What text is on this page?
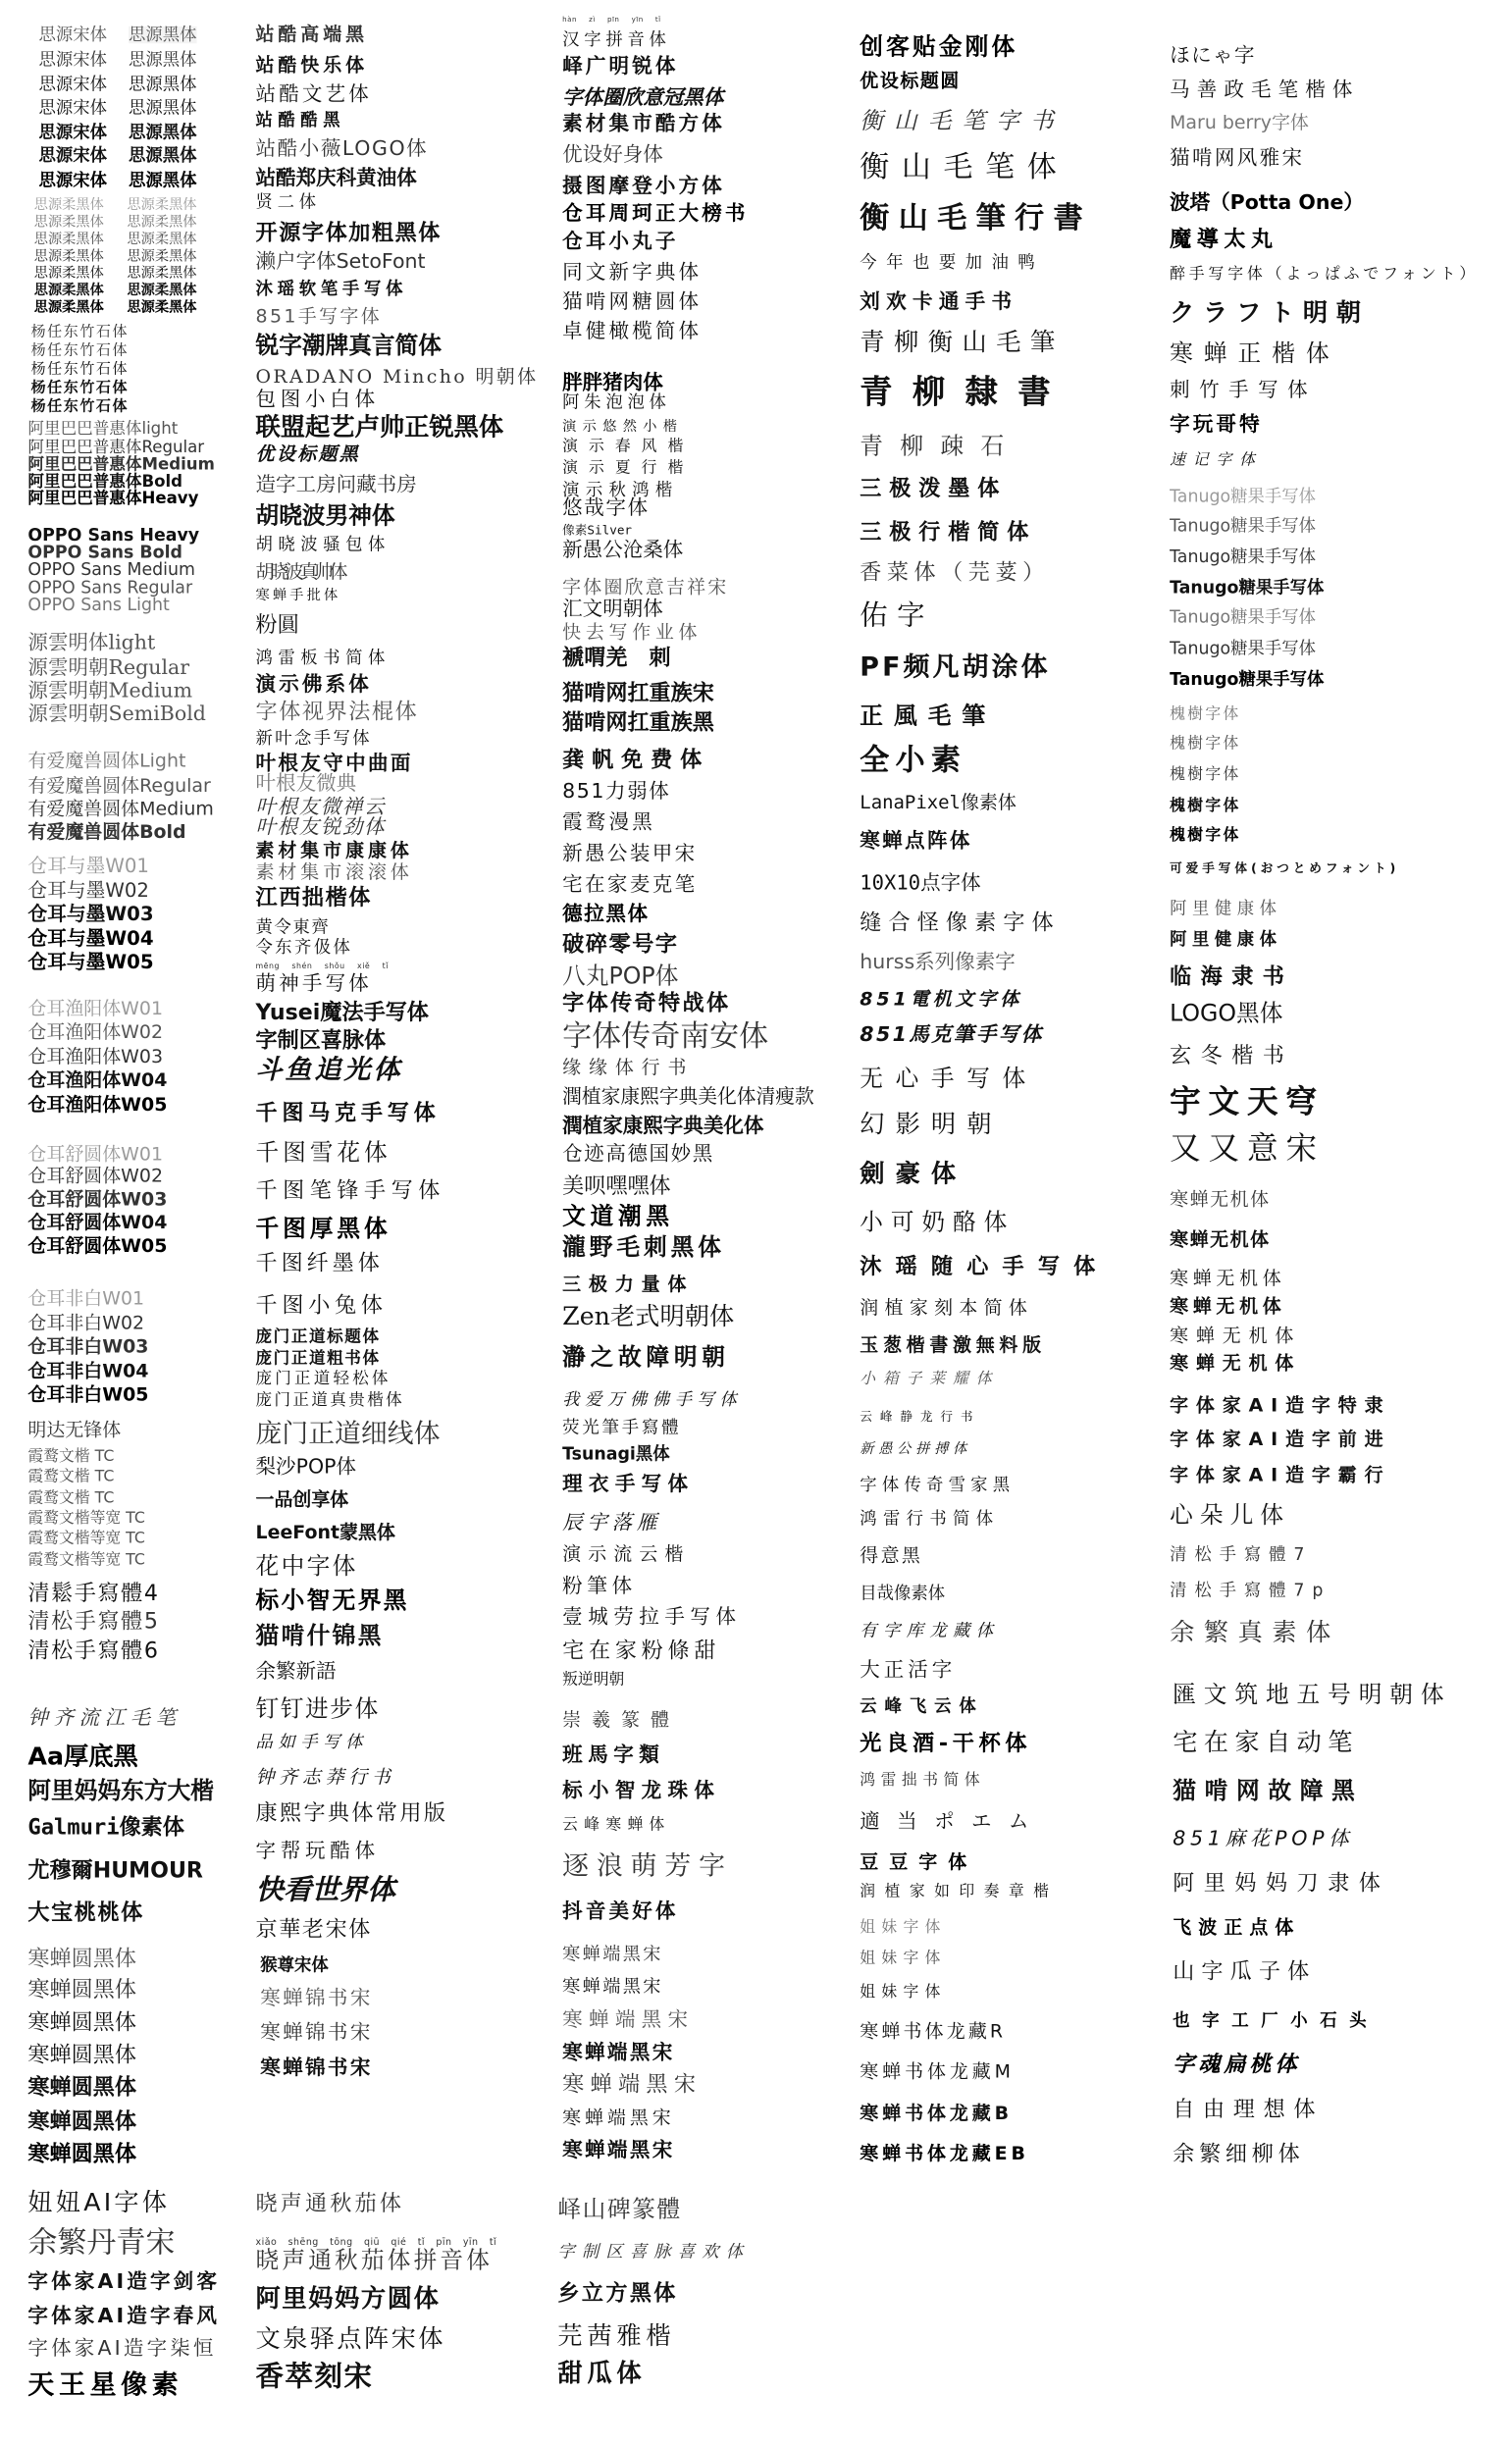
思源宋体
思源宋体
思源宋体
思源宋体
思源宋体
思源宋体
思源宋体
思源黑体
思源黑体
思源黑体
思源黑体
思源黑体
思源黑体
思源黑体
思源柔黑体
思源柔黑体
思源柔黑体
思源柔黑体
思源柔黑体
思源柔黑体
思源柔黑体
思源柔黑体
思源柔黑体
思源柔黑体
思源柔黑体
思源柔黑体
思源柔黑体
思源柔黑体
杨任东竹石体
杨任东竹石体
杨任东竹石体
杨任东竹石体
杨任东竹石体
阿里巴巴普惠体light
阿里巴巴普惠体Regular
阿里巴巴普惠体Medium
阿里巴巴普惠体Bold
阿里巴巴普惠体Heavy
OPPO Sans Heavy
OPPO Sans Bold
OPPO Sans Medium
OPPO Sans Regular
OPPO Sans Light
源雲明体light
源雲明朝Regular
源雲明朝Medium
源雲明朝SemiBold
有爱魔兽圆体Light
有爱魔兽圆体Regular
有爱魔兽圆体Medium
有爱魔兽圆体Bold
仓耳与墨W01
仓耳与墨W02
仓耳与墨W03
仓耳与墨W04
仓耳与墨W05
仓耳渔阳体W01
仓耳渔阳体W02
仓耳渔阳体W03
仓耳渔阳体W04
仓耳渔阳体W05
仓耳舒圆体W01
仓耳舒圆体W02
仓耳舒圆体W03
仓耳舒圆体W04
仓耳舒圆体W05
仓耳非白W01
仓耳非白W02
仓耳非白W03
仓耳非白W04
仓耳非白W05
明达无锋体
霞鹜文楷 TC
霞鹜文楷 TC
霞鹜文楷 TC
霞鹜文楷等宽 TC
霞鹜文楷等宽 TC
霞鹜文楷等宽 TC
清鬆手寫體4
清松手寫體5
清松手寫體6
钟齐流江毛笔
Aa厚底黑
阿里妈妈东方大楷
Galmuri像素体
尤穆爾HUMOUR
大宝桃桃体
寒蝉圆黑体
寒蝉圆黑体
寒蝉圆黑体
寒蝉圆黑体
寒蝉圆黑体
寒蝉圆黑体
寒蝉圆黑体
妞妞AI字体
余繁丹青宋
字体家AI造字剑客
字体家AI造字春风
字体家AI造字柒恒
天王星像素
站酷高端黑
站酷快乐体
站酷文艺体
站酷酷黑
站酷小薇LOGO体
站酷郑庆科黄油体
贤二体
开源字体加粗黑体
濑户字体SetoFont
沐瑶软笔手写体
851手写字体
锐字潮牌真言简体
ORADANO Mincho 明朝体
包图小白体
联盟起艺卢帅正锐黑体
优设标题黑
造字工房问藏书房
胡晓波男神体
胡晓波骚包体
胡晓波真帅体
寒蝉手批体
粉圓
鸿雷板书简体
演示佛系体
字体视界法棍体
新叶念手写体
叶根友守中曲面
叶根友微典
叶根友微禅云
叶根友锐劲体
素材集市康康体
素材集市滚滚体
江西拙楷体
黄令東齊
令东齐伋体
mēng shén shǒu xiě tǐ
萌神手写体
Yusei魔法手写体
字制区喜脉体
斗鱼追光体
千图马克手写体
千图雪花体
千图笔锋手写体
千图厚黑体
千图纤墨体
千图小兔体
庞门正道标题体
庞门正道粗书体
庞门正道轻松体
庞门正道真贵楷体
庞门正道细线体
梨沙POP体
一品创享体
LeeFont蒙黑体
花中字体
标小智无界黑
猫啃什锦黑
余繁新語
钉钉进步体
品如手写体
钟齐志莽行书
康熙字典体常用版
字帮玩酷体
快看世界体
京華老宋体
猴尊宋体
寒蝉锦书宋
寒蝉锦书宋
寒蝉锦书宋
晓声通秋茄体
xiǎo shēng tōng qiū qié tǐ pīn yīn tǐ
晓声通秋茄体拼音体
阿里妈妈方圆体
文泉驿点阵宋体
香萃刻宋
hàn zì pīn yīn tǐ
汉字拼音体
峄广明锐体
字体圈欣意冠黑体
素材集市酷方体
优设好身体
摄图摩登小方体
仓耳周珂正大榜书
仓耳小丸子
同文新字典体
猫啃网糖圆体
卓健橄榄简体
胖胖猪肉体
阿朱泡泡体
演示悠然小楷
演示春风楷
演示夏行楷
演示秋鸿楷
悠哉字体
像素Silver
新愚公沧桑体
字体圈欣意吉祥宋
汇文明朝体
快去写作业体
褫喟羌　刺
猫啃网扛重族宋
猫啃网扛重族黑
龚帆免费体
851力弱体
霞鹜漫黑
新愚公装甲宋
宅在家麦克笔
德拉黑体
破碎零号字
八丸POP体
字体传奇特战体
字体传奇南安体
缘缘体行书
潤植家康熙字典美化体清瘦款
潤植家康熙字典美化体
仓迹高德国妙黑
美呗嘿嘿体
文道潮黑
瀧野毛刺黑体
三极力量体
Zen老式明朝体
瀞之故障明朝
我爱万佛佛手写体
荧光筆手寫體
Tsunagi黑体
理衣手写体
辰宇落雁
演示流云楷
粉筆体
壹城劳拉手写体
宅在家粉條甜
叛逆明朝
崇羲篆體
班馬字類
标小智龙珠体
云峰寒蝉体
逐浪萌芳字
抖音美好体
寒蝉端黑宋
寒蝉端黑宋
寒蝉端黑宋
寒蝉端黑宋
寒蝉端黑宋
寒蝉端黑宋
寒蝉端黑宋
峄山碑篆體
字制区喜脉喜欢体
乡立方黑体
芫茜雅楷
甜瓜体
创客贴金刚体
优设标题圆
衡山毛笔字书
衡山毛笔体
衡山毛筆行書
今年也要加油鸭
刘欢卡通手书
青柳衡山毛筆
青柳隸書
青柳疎石
三极泼墨体
三极行楷简体
香菜体（芫荽）
佑字
PF频凡胡涂体
正風毛筆
全小素
LanaPixel像素体
寒蝉点阵体
10X10点字体
缝合怪像素字体
hurss系列像素字
851電机文字体
851馬克筆手写体
无心手写体
幻影明朝
劍豪体
小可奶酪体
沐瑶随心手写体
润植家刻本简体
玉葱楷書激無料版
小箱子莱耀体
云峰静龙行书
新愚公拼搏体
字体传奇雪家黑
鸿雷行书简体
得意黑
目哉像素体
有字库龙藏体
大正活字
云峰飞云体
光良酒-干杯体
鸿雷拙书简体
適当ポエム
豆豆字体
润植家如印奏章楷
姐妹字体
姐妹字体
姐妹字体
寒蝉书体龙藏R
寒蝉书体龙藏M
寒蝉书体龙藏B
寒蝉书体龙藏EB
ほにゃ字
马善政毛笔楷体
Maru berry字体
猫啃网风雅宋
波塔（Potta One）
魔導太丸
醉手写字体（よっぱふでフォント）
クラフト明朝
寒蝉正楷体
刺竹手写体
字玩哥特
速记字体
Tanugo糖果手写体
Tanugo糖果手写体
Tanugo糖果手写体
Tanugo糖果手写体
Tanugo糖果手写体
Tanugo糖果手写体
Tanugo糖果手写体
槐樹字体
槐樹字体
槐樹字体
槐樹字体
槐樹字体
可爱手写体(おつとめフォント)
阿里健康体
阿里健康体
临海隶书
LOGO黑体
玄冬楷书
宇文天穹
又又意宋
寒蝉无机体
寒蝉无机体
寒蝉无机体
寒蝉无机体
寒蝉无机体
寒蝉无机体
字体家AI造字特隶
字体家AI造字前进
字体家AI造字霸行
心朵儿体
清松手寫體7
清松手寫體7p
余繁真素体
匯文筑地五号明朝体
宅在家自动笔
猫啃网故障黑
851麻花POP体
阿里妈妈刀隶体
飞波正点体
山字瓜子体
也字工厂小石头
字魂扁桃体
自由理想体
余繁细柳体
